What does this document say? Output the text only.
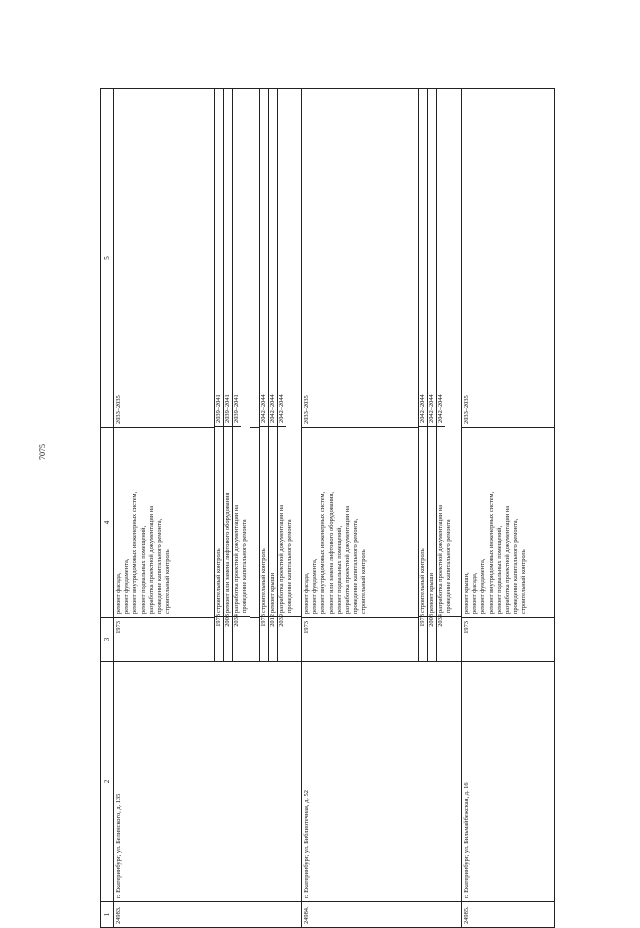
7075
1
2
3
4
5
24983.
г. Екатеринбург, ул. Белинского, д. 135
1973
ремонт фасада, ремонт фундамента, ремонт внутридомовых инженерных систем, ремонт подвальных помещений, разработка проектной документации на проведение капитального ремонта, строительный контроль
2033–2035
1973
строительный контроль
2039–2041
2003
ремонт или замена лифтового оборудования
2039–2041
2034
разработка проектной документации на проведение капитального ремонта
2039–2041
1973
строительный контроль
2042–2044
2012
ремонт крыши
2042–2044
2039
разработка проектной документации на проведение капитального ремонта
2042–2044
24984.
г. Екатеринбург, ул. Библиотечная, д. 52
1973
ремонт фасада, ремонт фундамента, ремонт внутридомовых инженерных систем, ремонт или замена лифтового оборудования, ремонт подвальных помещений, разработка проектной документации на проведение капитального ремонта, строительный контроль
2033–2035
1973
строительный контроль
2042–2044
2008
ремонт крыши
2042–2044
2034
разработка проектной документации на проведение капитального ремонта
2042–2044
24985.
г. Екатеринбург, ул. Бильмайбежская, д. 16
1973
ремонт крыши, ремонт фасада, ремонт фундамента, ремонт внутридомовых инженерных систем, ремонт подвальных помещений, разработка проектной документации на проведение капитального ремонта, строительный контроль
2033–2035
